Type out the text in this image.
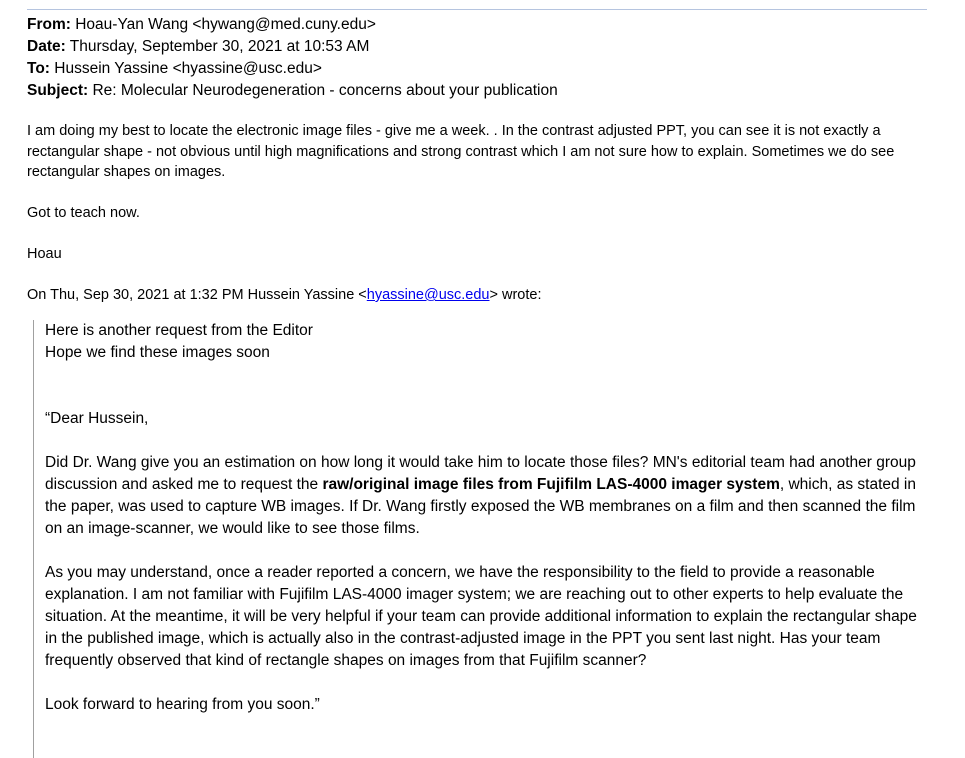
From: Hoau-Yan Wang <hywang@med.cuny.edu>
Date: Thursday, September 30, 2021 at 10:53 AM
To: Hussein Yassine <hyassine@usc.edu>
Subject: Re: Molecular Neurodegeneration - concerns about your publication

I am doing my best to locate the electronic image files - give me a week. . In the contrast adjusted PPT, you can see it is not exactly a rectangular shape - not obvious until high magnifications and strong contrast which I am not sure how to explain. Sometimes we do see rectangular shapes on images.

Got to teach now.

Hoau

On Thu, Sep 30, 2021 at 1:32 PM Hussein Yassine <hyassine@usc.edu> wrote:

Here is another request from the Editor

Hope we find these images soon

“Dear Hussein,

Did Dr. Wang give you an estimation on how long it would take him to locate those files? MN's editorial team had another group discussion and asked me to request the raw/original image files from Fujifilm LAS-4000 imager system, which, as stated in the paper, was used to capture WB images. If Dr. Wang firstly exposed the WB membranes on a film and then scanned the film on an image-scanner, we would like to see those films.

As you may understand, once a reader reported a concern, we have the responsibility to the field to provide a reasonable explanation. I am not familiar with Fujifilm LAS-4000 imager system; we are reaching out to other experts to help evaluate the situation. At the meantime, it will be very helpful if your team can provide additional information to explain the rectangular shape in the published image, which is actually also in the contrast-adjusted image in the PPT you sent last night. Has your team frequently observed that kind of rectangle shapes on images from that Fujifilm scanner?

Look forward to hearing from you soon.”
